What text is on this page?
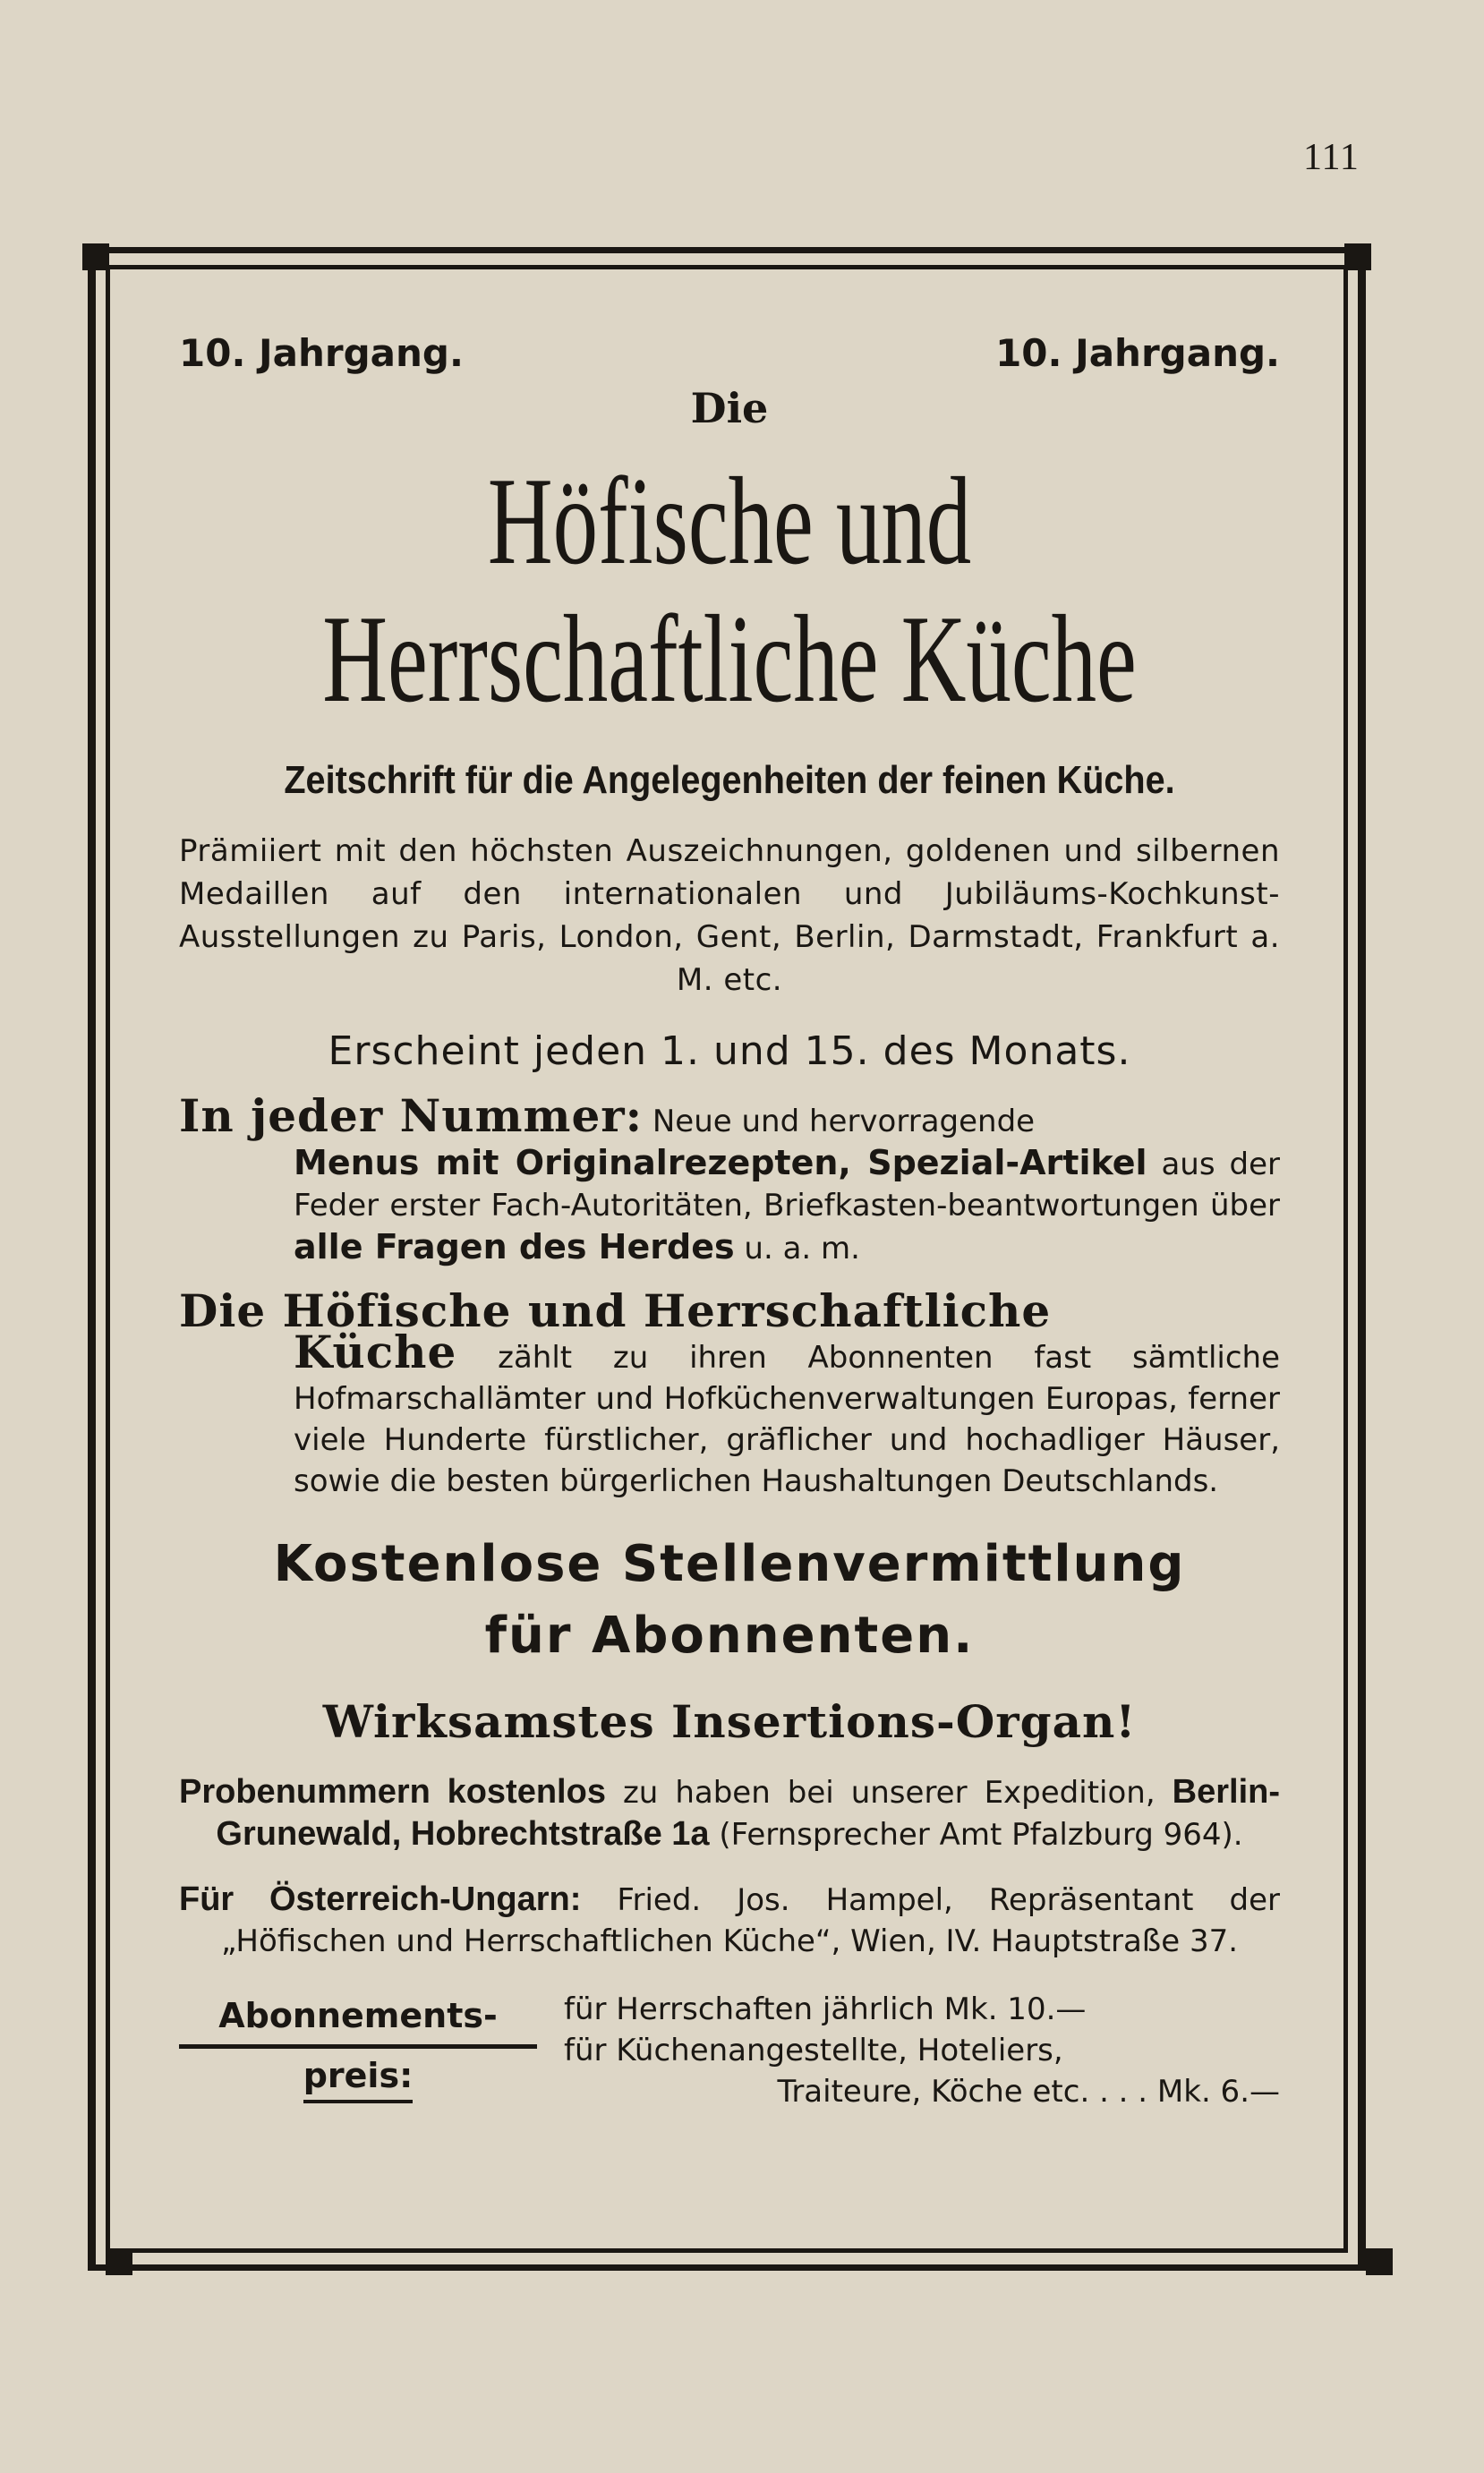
111
10. Jahrgang.	10. Jahrgang.
Die
Höfische und
Herrschaftliche Küche
Zeitschrift für die Angelegenheiten der feinen Küche.
Prämiiert mit den höchsten Auszeichnungen, goldenen und silbernen Medaillen auf den internationalen und Jubiläums-Kochkunst-Ausstellungen zu Paris, London, Gent, Berlin, Darmstadt, Frankfurt a. M. etc.
Erscheint jeden 1. und 15. des Monats.
In jeder Nummer: Neue und hervorragende
Menus mit Originalrezepten, Spezial-Artikel aus der Feder erster Fach-Autoritäten, Briefkasten-beantwortungen über alle Fragen des Herdes u. a. m.
Die Höfische und Herrschaftliche
Küche zählt zu ihren Abonnenten fast sämtliche Hofmarschallämter und Hofküchenverwaltungen Europas, ferner viele Hunderte fürstlicher, gräflicher und hochadliger Häuser, sowie die besten bürgerlichen Haushaltungen Deutschlands.
Kostenlose Stellenvermittlung
für Abonnenten.
Wirksamstes Insertions-Organ!
Probenummern kostenlos zu haben bei unserer Expedition, Berlin-Grunewald, Hobrechtstraße 1a (Fernsprecher Amt Pfalzburg 964).
Für Österreich-Ungarn: Fried. Jos. Hampel, Repräsentant der „Höfischen und Herrschaftlichen Küche“, Wien, IV. Hauptstraße 37.
Abonnements-
preis:
für Herrschaften jährlich Mk. 10.—
für Küchenangestellte, Hoteliers,
Traiteure, Köche etc. . . . Mk. 6.—
